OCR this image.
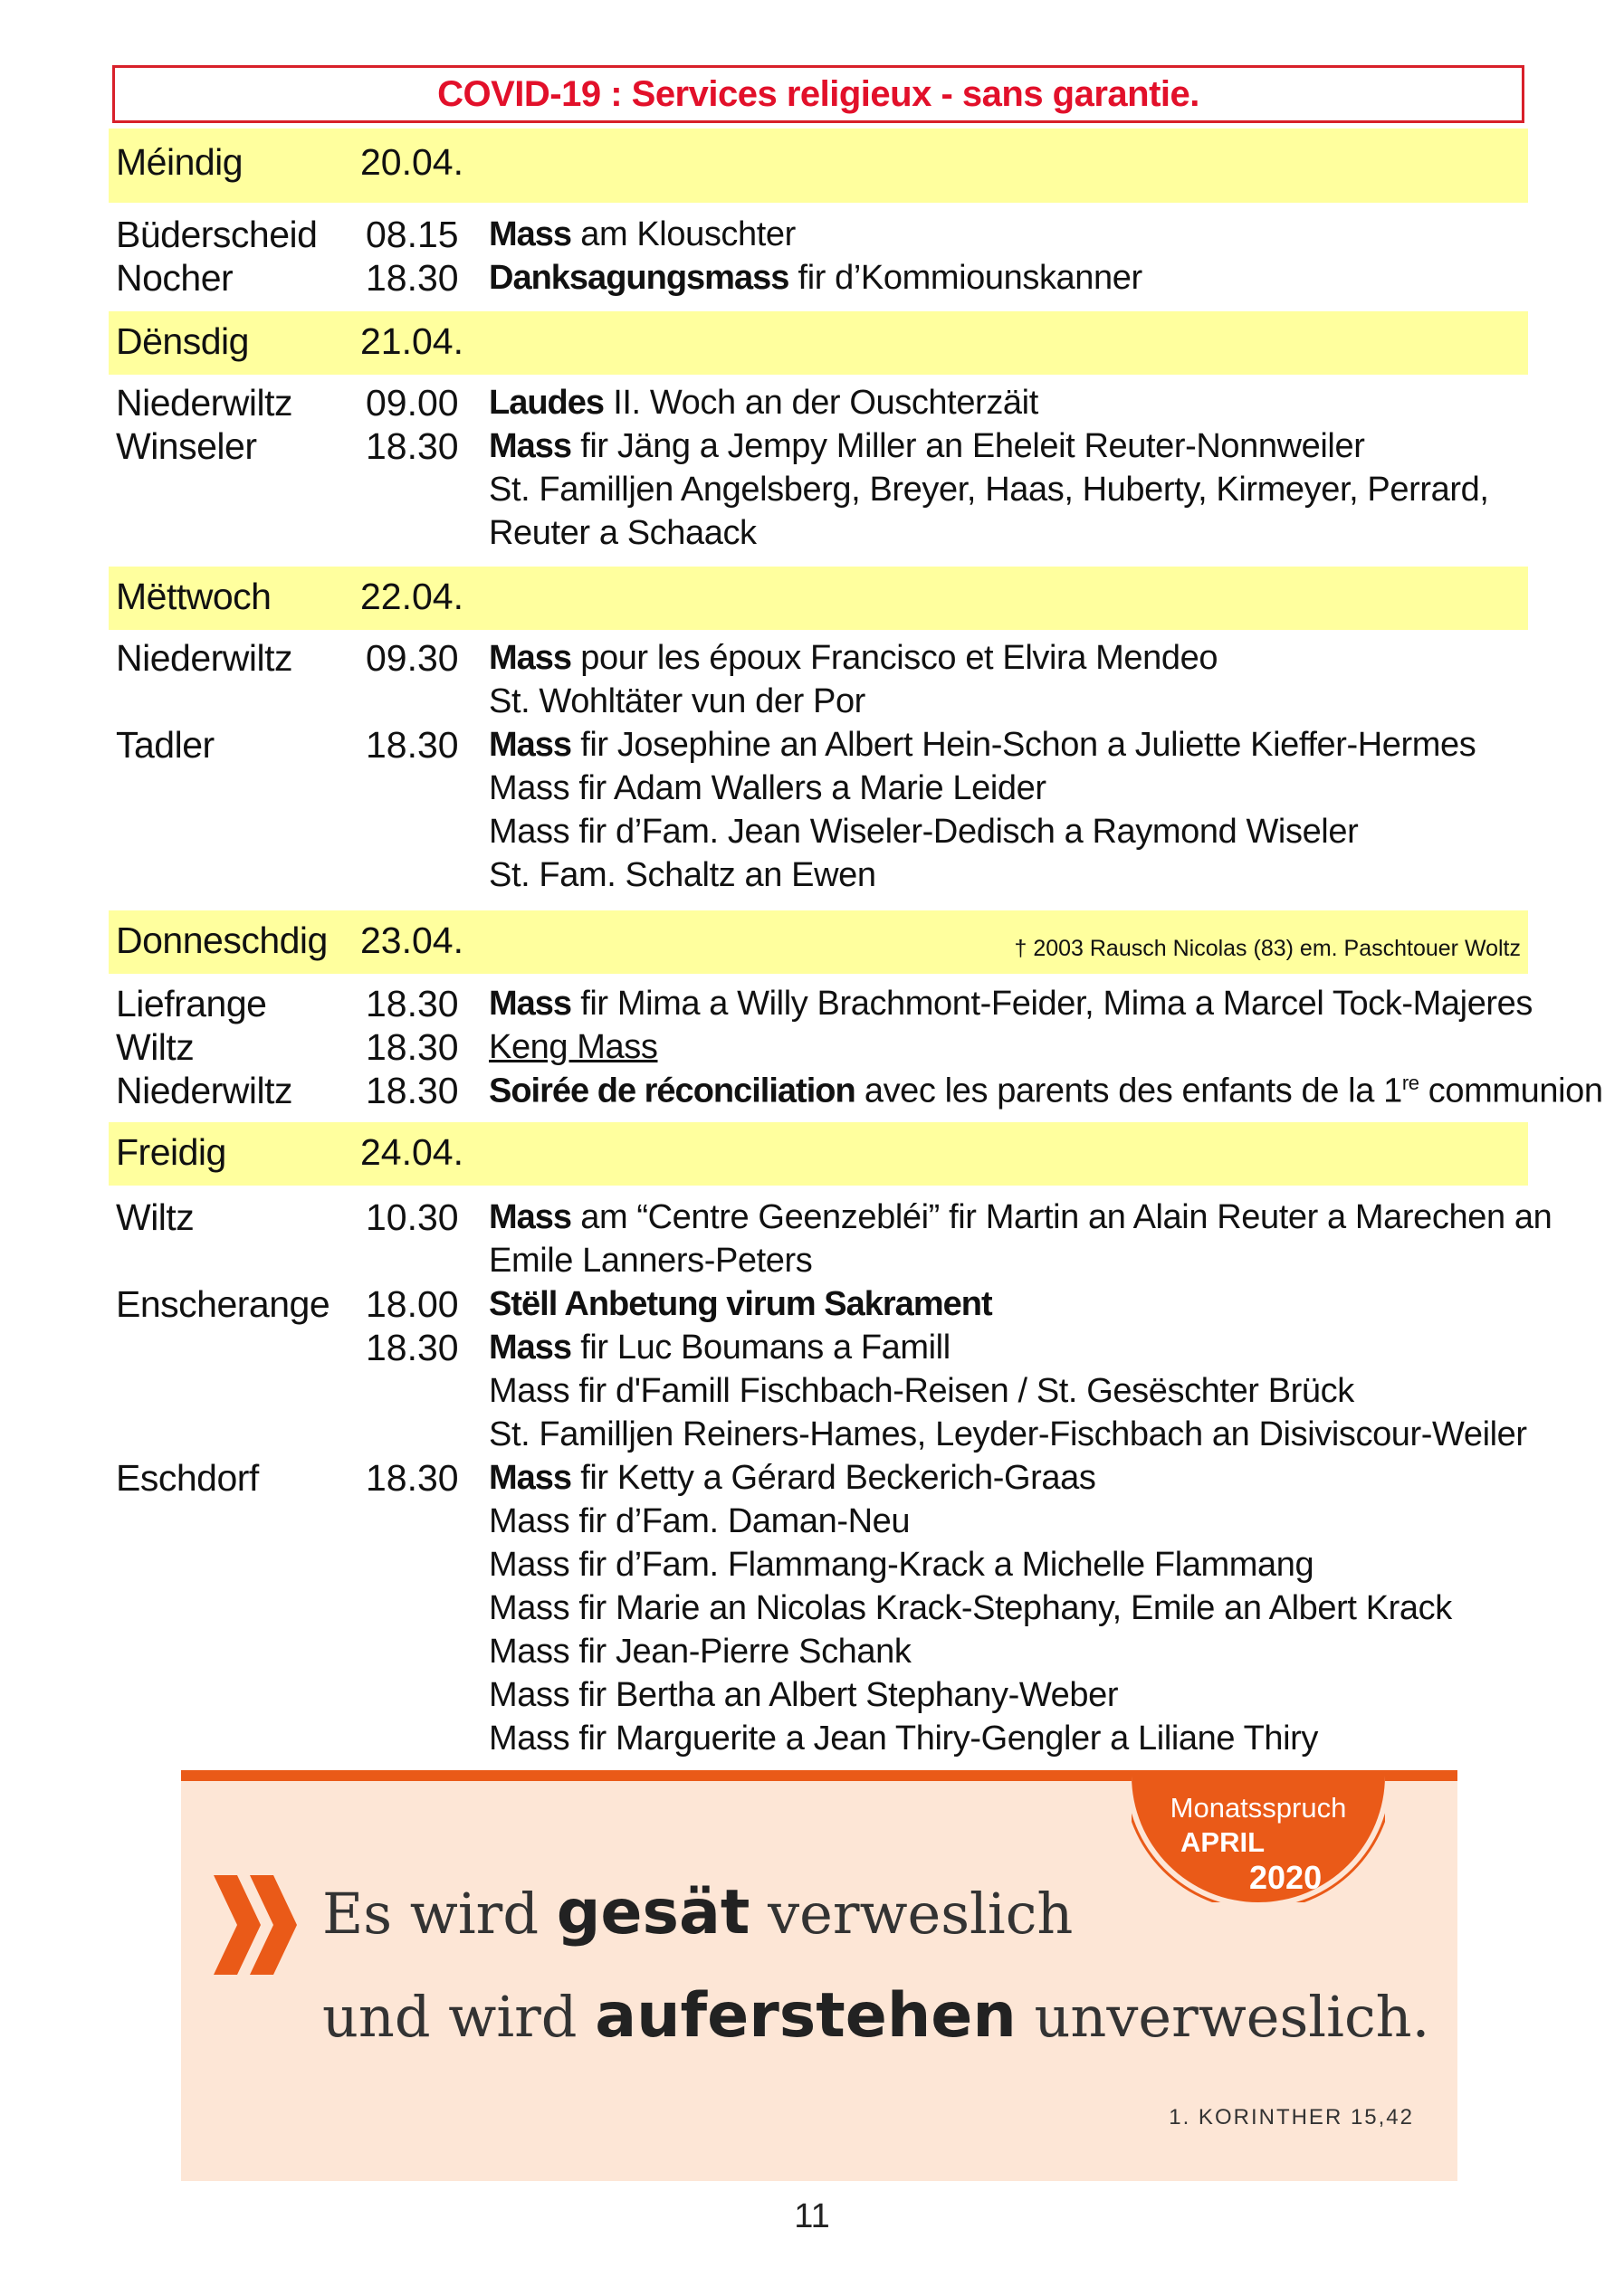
COVID-19 : Services religieux - sans garantie.
Méindig	20.04.
Büderscheid 08.15 Mass am Klouschter
Nocher	18.30 Danksagungsmass fir d’Kommiounskanner
Dënsdig	21.04.
Niederwiltz 09.00 Laudes II. Woch an der Ouschterzäit
Winseler	18.30 Mass fir Jäng a Jempy Miller an Eheleit Reuter-Nonnweiler
St. Familljen Angelsberg, Breyer, Haas, Huberty, Kirmeyer, Perrard,
Reuter a Schaack
Mëttwoch 22.04.
Niederwiltz 09.30 Mass pour les époux Francisco et Elvira Mendeo
St. Wohltäter vun der Por
Tadler	18.30 Mass fir Josephine an Albert Hein-Schon a Juliette Kieffer-Hermes
Mass fir Adam Wallers a Marie Leider
Mass fir d’Fam. Jean Wiseler-Dedisch a Raymond Wiseler
St. Fam. Schaltz an Ewen
Donneschdig 23.04.	† 2003 Rausch Nicolas (83) em. Paschtouer Woltz
Liefrange	18.30 Mass fir Mima a Willy Brachmont-Feider, Mima a Marcel Tock-Majeres
Wiltz	18.30 Keng Mass
Niederwiltz 18.30 Soirée de réconciliation avec les parents des enfants de la 1re communion
Freidig	24.04.
Wiltz	10.30 Mass am “Centre Geenzebléi” fir Martin an Alain Reuter a Marechen an
Emile Lanners-Peters
Enscherange 18.00 Stëll Anbetung virum Sakrament
18.30 Mass fir Luc Boumans a Famill
Mass fir d'Famill Fischbach-Reisen / St. Gesëschter Brück
St. Familljen Reiners-Hames, Leyder-Fischbach an Disiviscour-Weiler
Eschdorf	18.30 Mass fir Ketty a Gérard Beckerich-Graas
Mass fir d’Fam. Daman-Neu
Mass fir d’Fam. Flammang-Krack a Michelle Flammang
Mass fir Marie an Nicolas Krack-Stephany, Emile an Albert Krack
Mass fir Jean-Pierre Schank
Mass fir Bertha an Albert Stephany-Weber
Mass fir Marguerite a Jean Thiry-Gengler a Liliane Thiry
Es wird gesät verweslich
und wird auferstehen unverweslich.
1. KORINTHER 15,42
Monatsspruch
APRIL
2020
11
